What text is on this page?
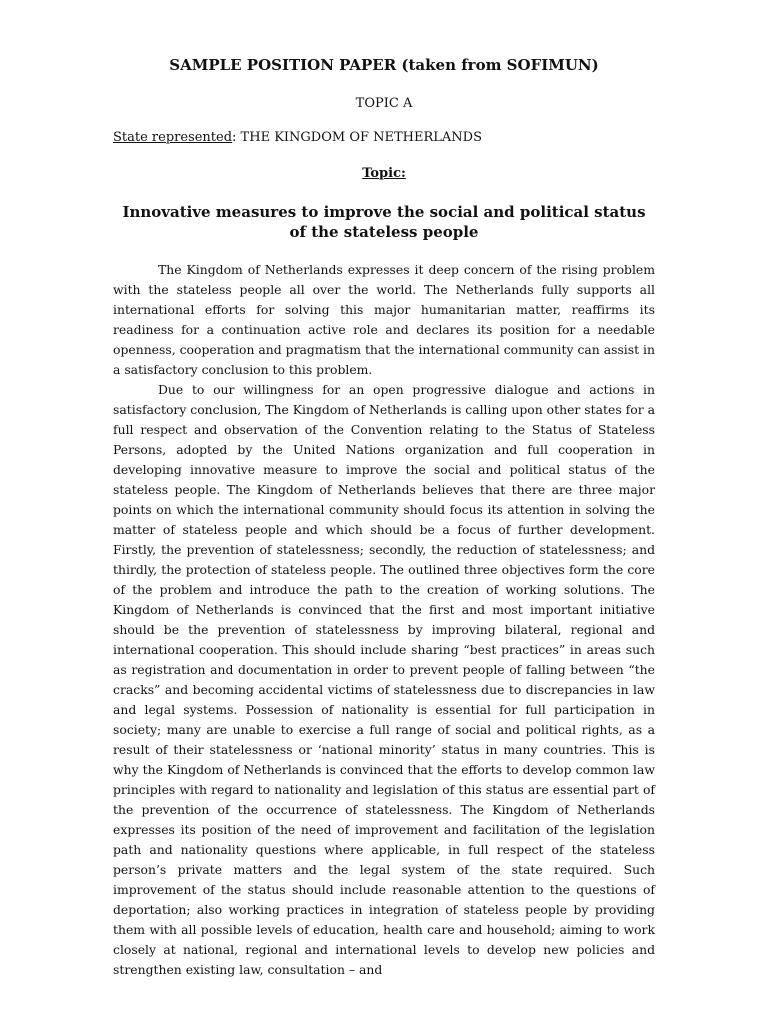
SAMPLE POSITION PAPER (taken from SOFIMUN)
TOPIC A
State represented: THE KINGDOM OF NETHERLANDS
Topic:
Innovative measures to improve the social and political status of the stateless people

The Kingdom of Netherlands expresses it deep concern of the rising problem with the stateless people all over the world. The Netherlands fully supports all international efforts for solving this major humanitarian matter, reaffirms its readiness for a continuation active role and declares its position for a needable openness, cooperation and pragmatism that the international community can assist in a satisfactory conclusion to this problem.

Due to our willingness for an open progressive dialogue and actions in satisfactory conclusion, The Kingdom of Netherlands is calling upon other states for a full respect and observation of the Convention relating to the Status of Stateless Persons, adopted by the United Nations organization and full cooperation in developing innovative measure to improve the social and political status of the stateless people. The Kingdom of Netherlands believes that there are three major points on which the international community should focus its attention in solving the matter of stateless people and which should be a focus of further development. Firstly, the prevention of statelessness; secondly, the reduction of statelessness; and thirdly, the protection of stateless people. The outlined three objectives form the core of the problem and introduce the path to the creation of working solutions. The Kingdom of Netherlands is convinced that the first and most important initiative should be the prevention of statelessness by improving bilateral, regional and international cooperation. This should include sharing “best practices” in areas such as registration and documentation in order to prevent people of falling between “the cracks” and becoming accidental victims of statelessness due to discrepancies in law and legal systems. Possession of nationality is essential for full participation in society; many are unable to exercise a full range of social and political rights, as a result of their statelessness or ‘national minority’ status in many countries. This is why the Kingdom of Netherlands is convinced that the efforts to develop common law principles with regard to nationality and legislation of this status are essential part of the prevention of the occurrence of statelessness. The Kingdom of Netherlands expresses its position of the need of improvement and facilitation of the legislation path and nationality questions where applicable, in full respect of the stateless person’s private matters and the legal system of the state required. Such improvement of the status should include reasonable attention to the questions of deportation; also working practices in integration of stateless people by providing them with all possible levels of education, health care and household; aiming to work closely at national, regional and international levels to develop new policies and strengthen existing law, consultation – and
